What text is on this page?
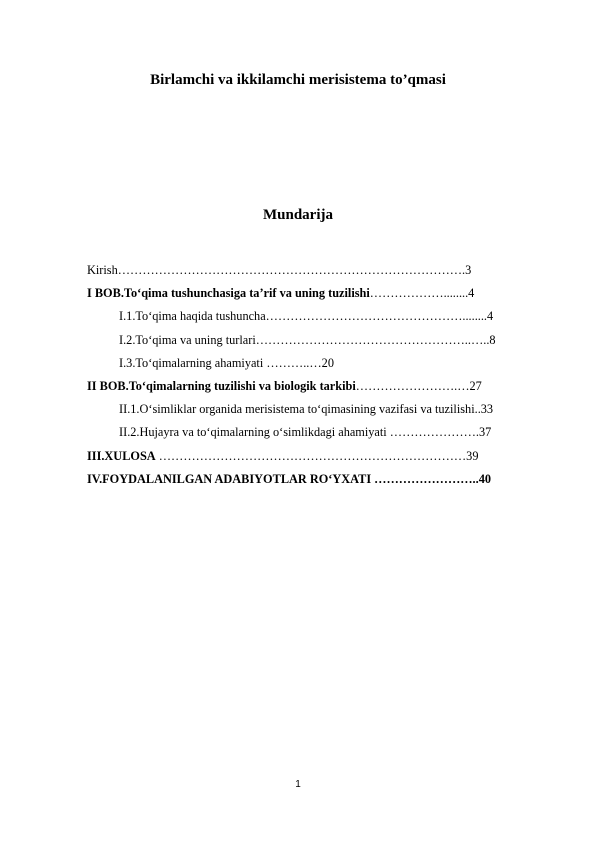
Birlamchi va ikkilamchi merisistema to’qmasi
Mundarija
Kirish………………………………………………………………………….3
I BOB.To‘qima tushunchasiga ta’rif va uning tuzilishi………………........4
I.1.To‘qima haqida tushuncha…………………………………………........4
I.2.To‘qima va uning turlari……………………………………………..…..8
I.3.To‘qimalarning ahamiyati ………..…20
II BOB.To‘qimalarning tuzilishi va biologik tarkibi…………………….…27
II.1.O‘simliklar organida merisistema to‘qimasining vazifasi va tuzilishi..33
II.2.Hujayra va to‘qimalarning o‘simlikdagi ahamiyati ………………….37
III.XULOSA …………………………………………………………………39
IV.FOYDALANILGAN ADABIYOTLAR RO‘YXATI ……………………..40
1
